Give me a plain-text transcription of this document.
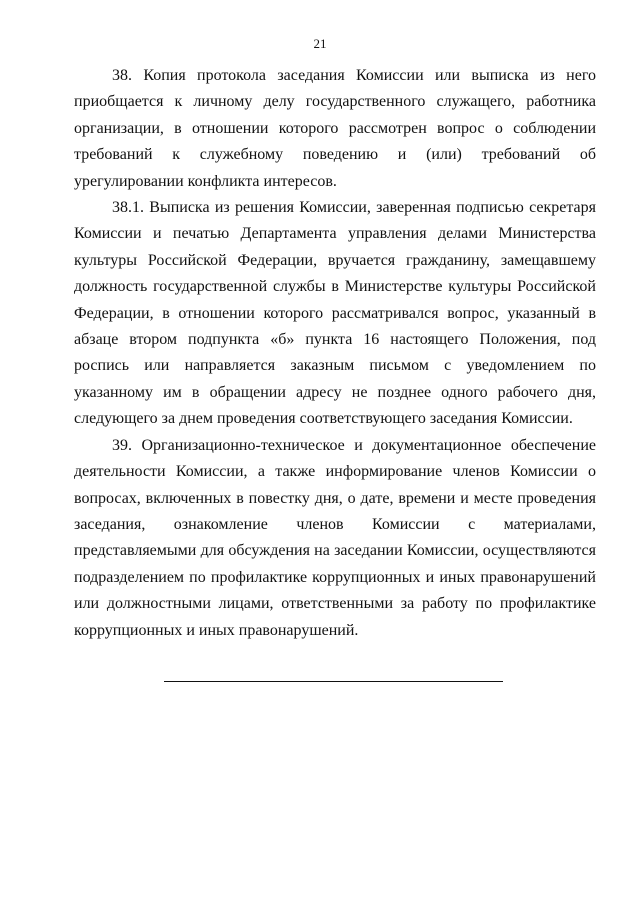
21

38. Копия протокола заседания Комиссии или выписка из него приобщается к личному делу государственного служащего, работника организации, в отношении которого рассмотрен вопрос о соблюдении требований к служебному поведению и (или) требований об урегулировании конфликта интересов.

38.1. Выписка из решения Комиссии, заверенная подписью секретаря Комиссии и печатью Департамента управления делами Министерства культуры Российской Федерации, вручается гражданину, замещавшему должность государственной службы в Министерстве культуры Российской Федерации, в отношении которого рассматривался вопрос, указанный в абзаце втором подпункта «б» пункта 16 настоящего Положения, под роспись или направляется заказным письмом с уведомлением по указанному им в обращении адресу не позднее одного рабочего дня, следующего за днем проведения соответствующего заседания Комиссии.

39. Организационно-техническое и документационное обеспечение деятельности Комиссии, а также информирование членов Комиссии о вопросах, включенных в повестку дня, о дате, времени и месте проведения заседания, ознакомление членов Комиссии с материалами, представляемыми для обсуждения на заседании Комиссии, осуществляются подразделением по профилактике коррупционных и иных правонарушений или должностными лицами, ответственными за работу по профилактике коррупционных и иных правонарушений.
